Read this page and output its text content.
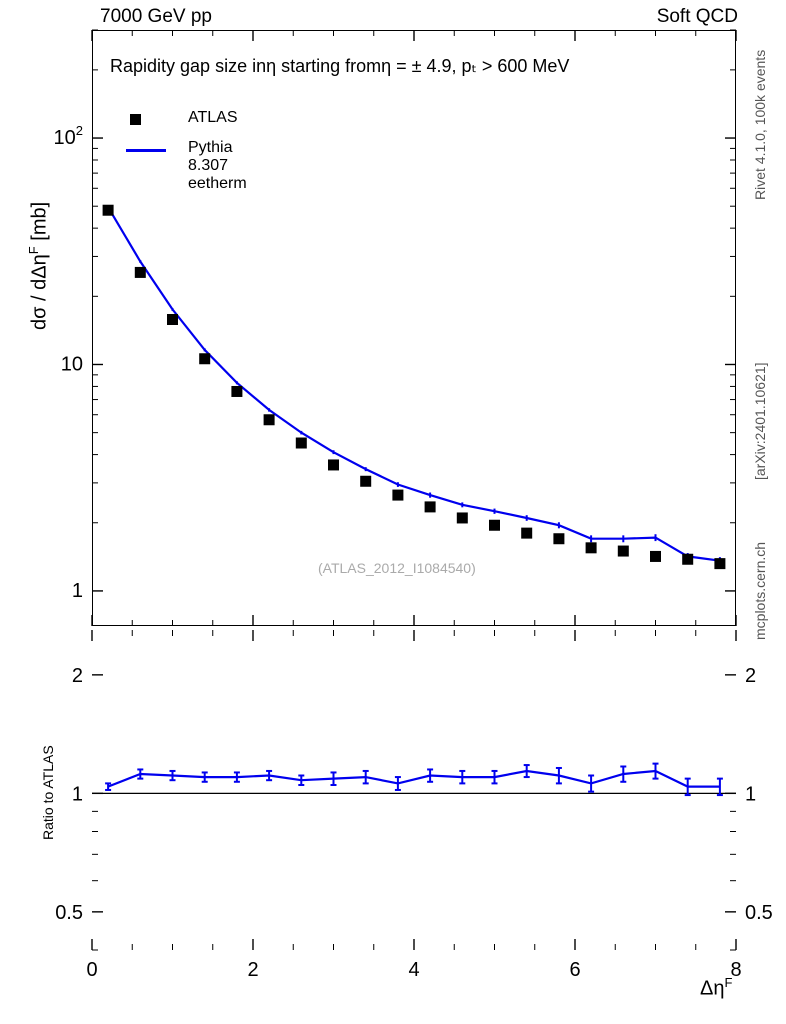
7000 GeV pp	Soft QCD
Rapidity gap size inη starting fromη = ± 4.9, pₜ > 600 MeV
ATLAS
Pythia 8.307 eetherm
(ATLAS_2012_I1084540)
dσ / dΔη$^F$ [mb]
Ratio to ATLAS
$\Delta\eta^F$
Rivet 4.1.0, 100k events
[arXiv:2401.10621]
mcplots.cern.ch
1
10
$10^2$
0	2	4	6	8
0.5	0.5
1	1
2	2
